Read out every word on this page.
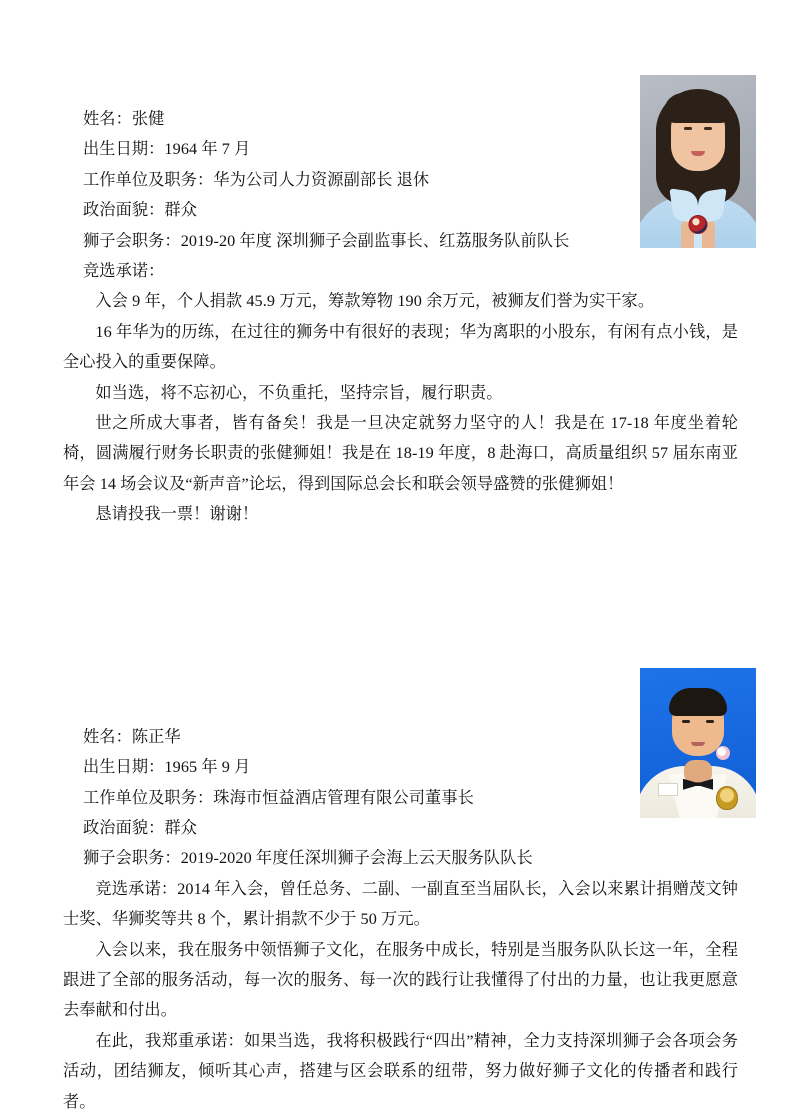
姓名：张健

出生日期：1964 年 7 月

工作单位及职务：华为公司人力资源副部长 退休

政治面貌：群众

狮子会职务：2019-20 年度 深圳狮子会副监事长、红荔服务队前队长

竞选承诺：

入会 9 年，个人捐款 45.9 万元，筹款筹物 190 余万元，被狮友们誉为实干家。

16 年华为的历练，在过往的狮务中有很好的表现；华为离职的小股东，有闲有点小钱，是全心投入的重要保障。

如当选，将不忘初心，不负重托，坚持宗旨，履行职责。

世之所成大事者，皆有备矣！我是一旦决定就努力坚守的人！我是在 17-18 年度坐着轮椅，圆满履行财务长职责的张健狮姐！我是在 18-19 年度，8 赴海口，高质量组织 57 届东南亚年会 14 场会议及“新声音”论坛，得到国际总会长和联会领导盛赞的张健狮姐！

恳请投我一票！谢谢！

姓名：陈正华

出生日期：1965 年 9 月

工作单位及职务：珠海市恒益酒店管理有限公司董事长

政治面貌：群众

狮子会职务：2019-2020 年度任深圳狮子会海上云天服务队队长

竞选承诺：2014 年入会，曾任总务、二副、一副直至当届队长，入会以来累计捐赠茂文钟士奖、华狮奖等共 8 个，累计捐款不少于 50 万元。

入会以来，我在服务中领悟狮子文化，在服务中成长，特别是当服务队队长这一年，全程跟进了全部的服务活动，每一次的服务、每一次的践行让我懂得了付出的力量，也让我更愿意去奉献和付出。

在此，我郑重承诺：如果当选，我将积极践行“四出”精神，全力支持深圳狮子会各项会务活动，团结狮友，倾听其心声，搭建与区会联系的纽带，努力做好狮子文化的传播者和践行者。
